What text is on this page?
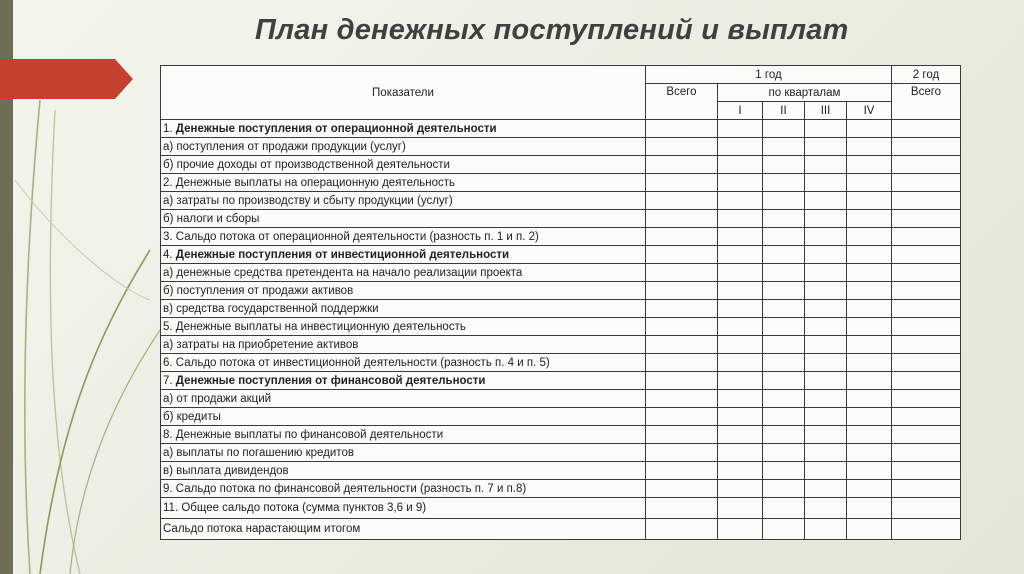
План денежных поступлений и выплат
Показатели	1 год					2 год
	Всего	по кварталам				Всего
		I	II	III	IV	
1. Денежные поступления от операционной деятельности						
а) поступления от продажи продукции (услуг)						
б) прочие доходы от производственной деятельности						
2. Денежные выплаты на операционную деятельность						
а) затраты по производству и сбыту продукции (услуг)						
б) налоги и сборы						
3. Сальдо потока от операционной деятельности (разность п. 1 и п. 2)						
4. Денежные поступления от инвестиционной деятельности						
а) денежные средства претендента на начало реализации проекта						
б) поступления от продажи активов						
в) средства государственной поддержки						
5. Денежные выплаты на инвестиционную деятельность						
а) затраты на приобретение активов						
6. Сальдо потока от инвестиционной деятельности (разность п. 4 и п. 5)						
7. Денежные поступления от финансовой деятельности						
а) от продажи акций						
б) кредиты						
8. Денежные выплаты по финансовой деятельности						
а) выплаты по погашению кредитов						
в) выплата дивидендов						
9. Сальдо потока по финансовой деятельности (разность п. 7 и п.8)						
11. Общее сальдо потока (сумма пунктов 3,6 и 9)						
Сальдо потока нарастающим итогом						
